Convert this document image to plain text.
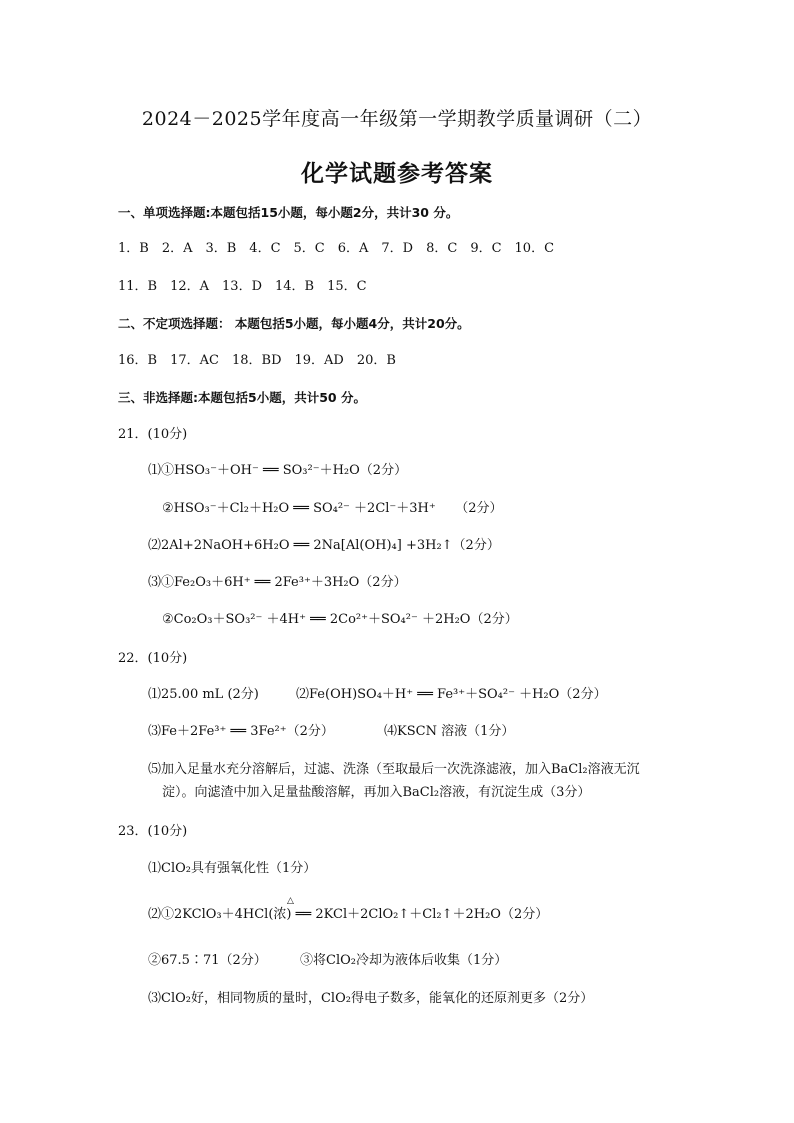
2024－2025学年度高一年级第一学期教学质量调研（二）
化学试题参考答案
一、单项选择题:本题包括15小题，每小题2分，共计30 分。
1．B　2．A　3．B　4．C　5．C　6．A　7．D　8．C　9．C　10．C
11．B　12．A　13．D　14．B　15．C
二、不定项选择题： 本题包括5小题，每小题4分，共计20分。
16．B　17．AC　18．BD　19．AD　20．B
三、非选择题:本题包括5小题，共计50 分。
21．(10分)
⑴①HSO₃⁻＋OH⁻ ══ SO₃²⁻＋H₂O（2分）
②HSO₃⁻＋Cl₂＋H₂O ══ SO₄²⁻ ＋2Cl⁻＋3H⁺　　（2分）
⑵2Al+2NaOH+6H₂O ══ 2Na[Al(OH)₄] +3H₂↑（2分）
⑶①Fe₂O₃＋6H⁺ ══ 2Fe³⁺＋3H₂O（2分）
②Co₂O₃＋SO₃²⁻ ＋4H⁺ ══ 2Co²⁺＋SO₄²⁻ ＋2H₂O（2分）
22．(10分)
⑴25.00 mL (2分)	⑵Fe(OH)SO₄＋H⁺ ══ Fe³⁺＋SO₄²⁻ ＋H₂O（2分）
⑶Fe＋2Fe³⁺ ══ 3Fe²⁺（2分）	⑷KSCN 溶液（1分）
⑸加入足量水充分溶解后，过滤、洗涤（至取最后一次洗涤滤液，加入BaCl₂溶液无沉
淀）。向滤渣中加入足量盐酸溶解，再加入BaCl₂溶液，有沉淀生成（3分）
23．(10分)
⑴ClO₂具有强氧化性（1分）
△
⑵①2KClO₃＋4HCl(浓) ══ 2KCl＋2ClO₂↑＋Cl₂↑＋2H₂O（2分）
②67.5∶71（2分）	③将ClO₂冷却为液体后收集（1分）
⑶ClO₂好，相同物质的量时，ClO₂得电子数多，能氧化的还原剂更多（2分）
